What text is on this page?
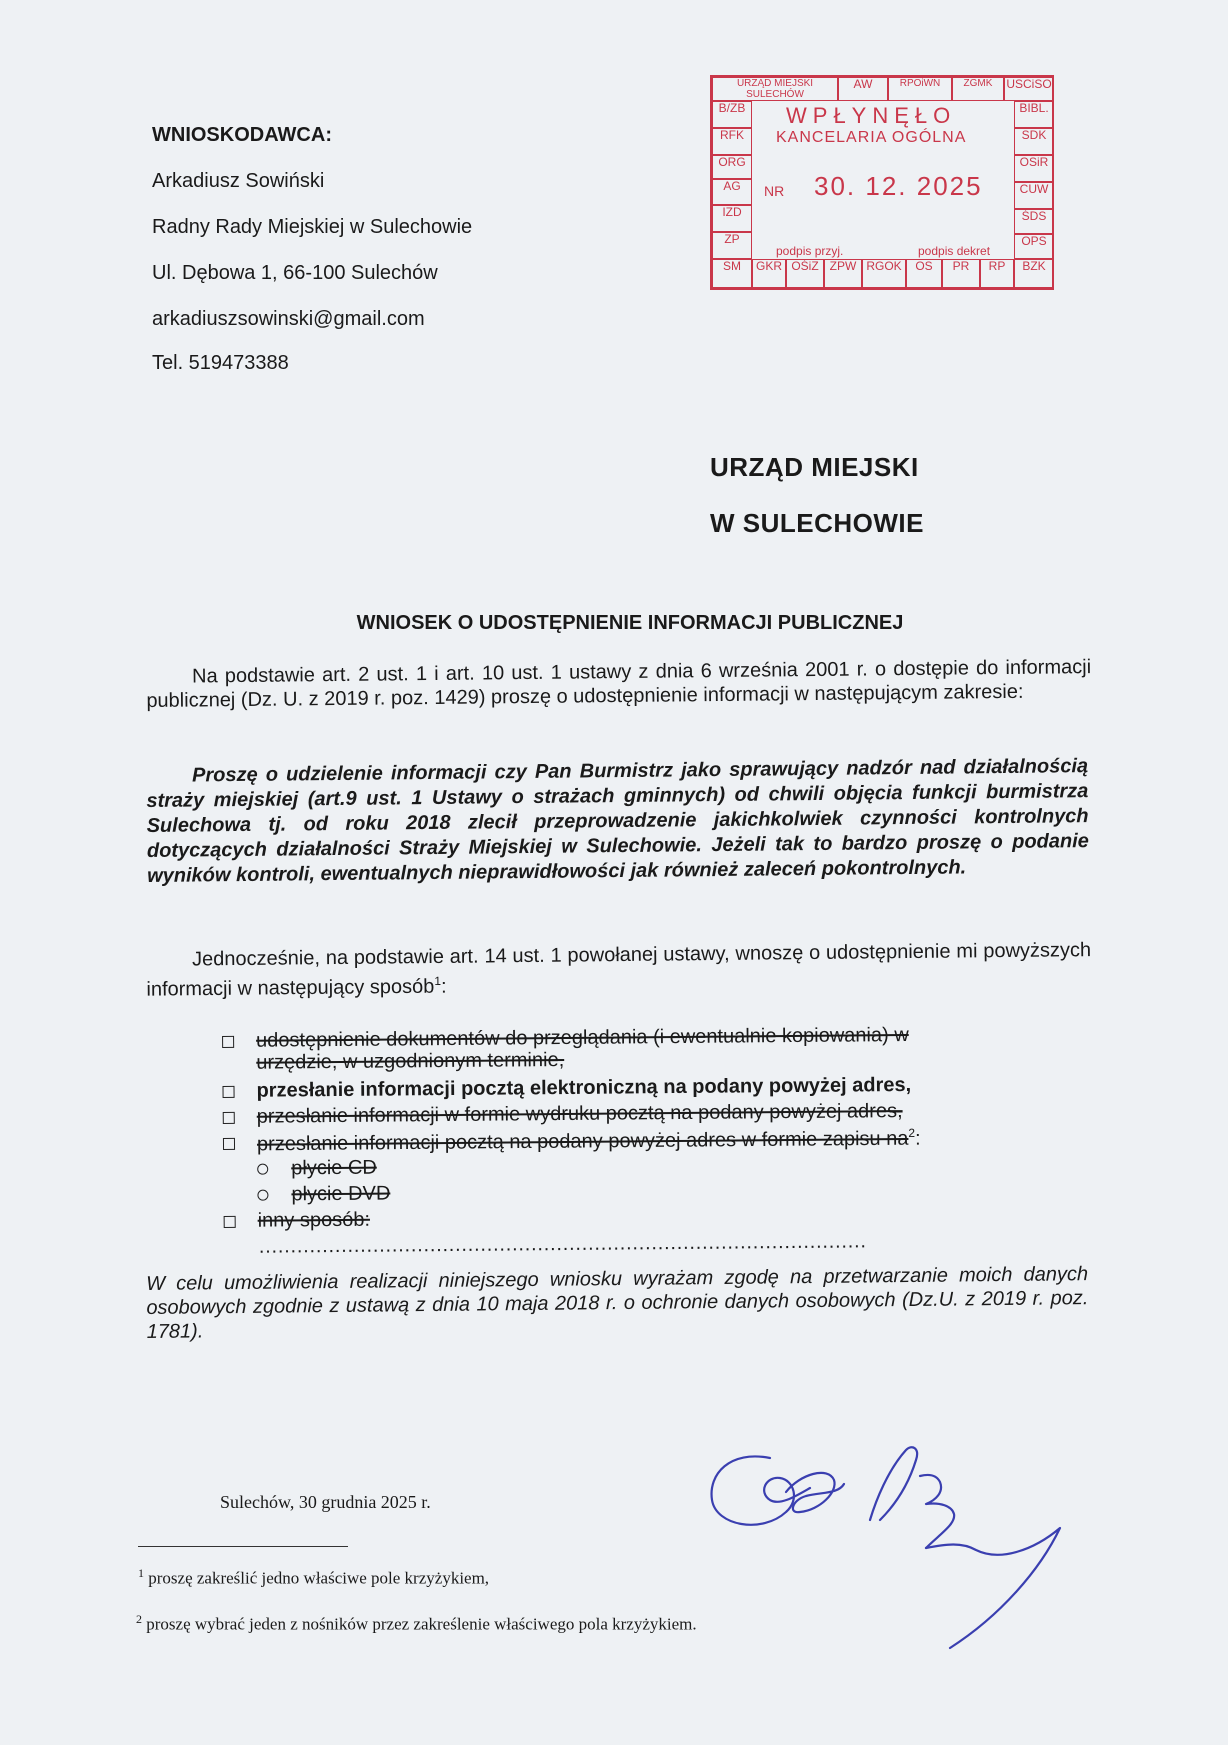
WNIOSKODAWCA:
Arkadiusz Sowiński
Radny Rady Miejskiej w Sulechowie
Ul. Dębowa 1, 66-100 Sulechów
arkadiuszsowinski@gmail.com
Tel. 519473388
URZĄD MIEJSKI SULECHÓW
AW	RPOiWN	ZGMK	USCiSO
B/ZB
RFK
ORG
AG
IZD
ZP
BIBL.
SDK
OSiR
CUW
ŚDS
OPS
SM	GKR OŚiZ ZPW RGOK	OS	PR	RP	BZK
WPŁYNĘŁO
KANCELARIA OGÓLNA
NR 30. 12. 2025
podpis przyj.	podpis dekret
URZĄD MIEJSKI
W SULECHOWIE
WNIOSEK O UDOSTĘPNIENIE INFORMACJI PUBLICZNEJ
Na podstawie art. 2 ust. 1 i art. 10 ust. 1 ustawy z dnia 6 września 2001 r. o dostępie do informacji publicznej (Dz. U. z 2019 r. poz. 1429) proszę o udostępnienie informacji w następującym zakresie:
Proszę o udzielenie informacji czy Pan Burmistrz jako sprawujący nadzór nad działalnością straży miejskiej (art.9 ust. 1 Ustawy o strażach gminnych) od chwili objęcia funkcji burmistrza Sulechowa tj. od roku 2018 zlecił przeprowadzenie jakichkolwiek czynności kontrolnych dotyczących działalności Straży Miejskiej w Sulechowie. Jeżeli tak to bardzo proszę o podanie wyników kontroli, ewentualnych nieprawidłowości jak również zaleceń pokontrolnych.
Jednocześnie, na podstawie art. 14 ust. 1 powołanej ustawy, wnoszę o udostępnienie mi powyższych informacji w następujący sposób$^1$:
udostępnienie dokumentów do przeglądania (i ewentualnie kopiowania) w urzędzie, w uzgodnionym terminie,
przesłanie informacji pocztą elektroniczną na podany powyżej adres,
przesłanie informacji w formie wydruku pocztą na podany powyżej adres,
przesłanie informacji pocztą na podany powyżej adres w formie zapisu $na^2$:
płycie CD
płycie DVD
inny sposób:
……………………………………………………………………………………
W celu umożliwienia realizacji niniejszego wniosku wyrażam zgodę na przetwarzanie moich danych osobowych zgodnie z ustawą z dnia 10 maja 2018 r. o ochronie danych osobowych (Dz.U. z 2019 r. poz. 1781).
Sulechów, 30 grudnia 2025 r.
$^1$ proszę zakreślić jedno właściwe pole krzyżykiem,
$^2$ proszę wybrać jeden z nośników przez zakreślenie właściwego pola krzyżykiem.
